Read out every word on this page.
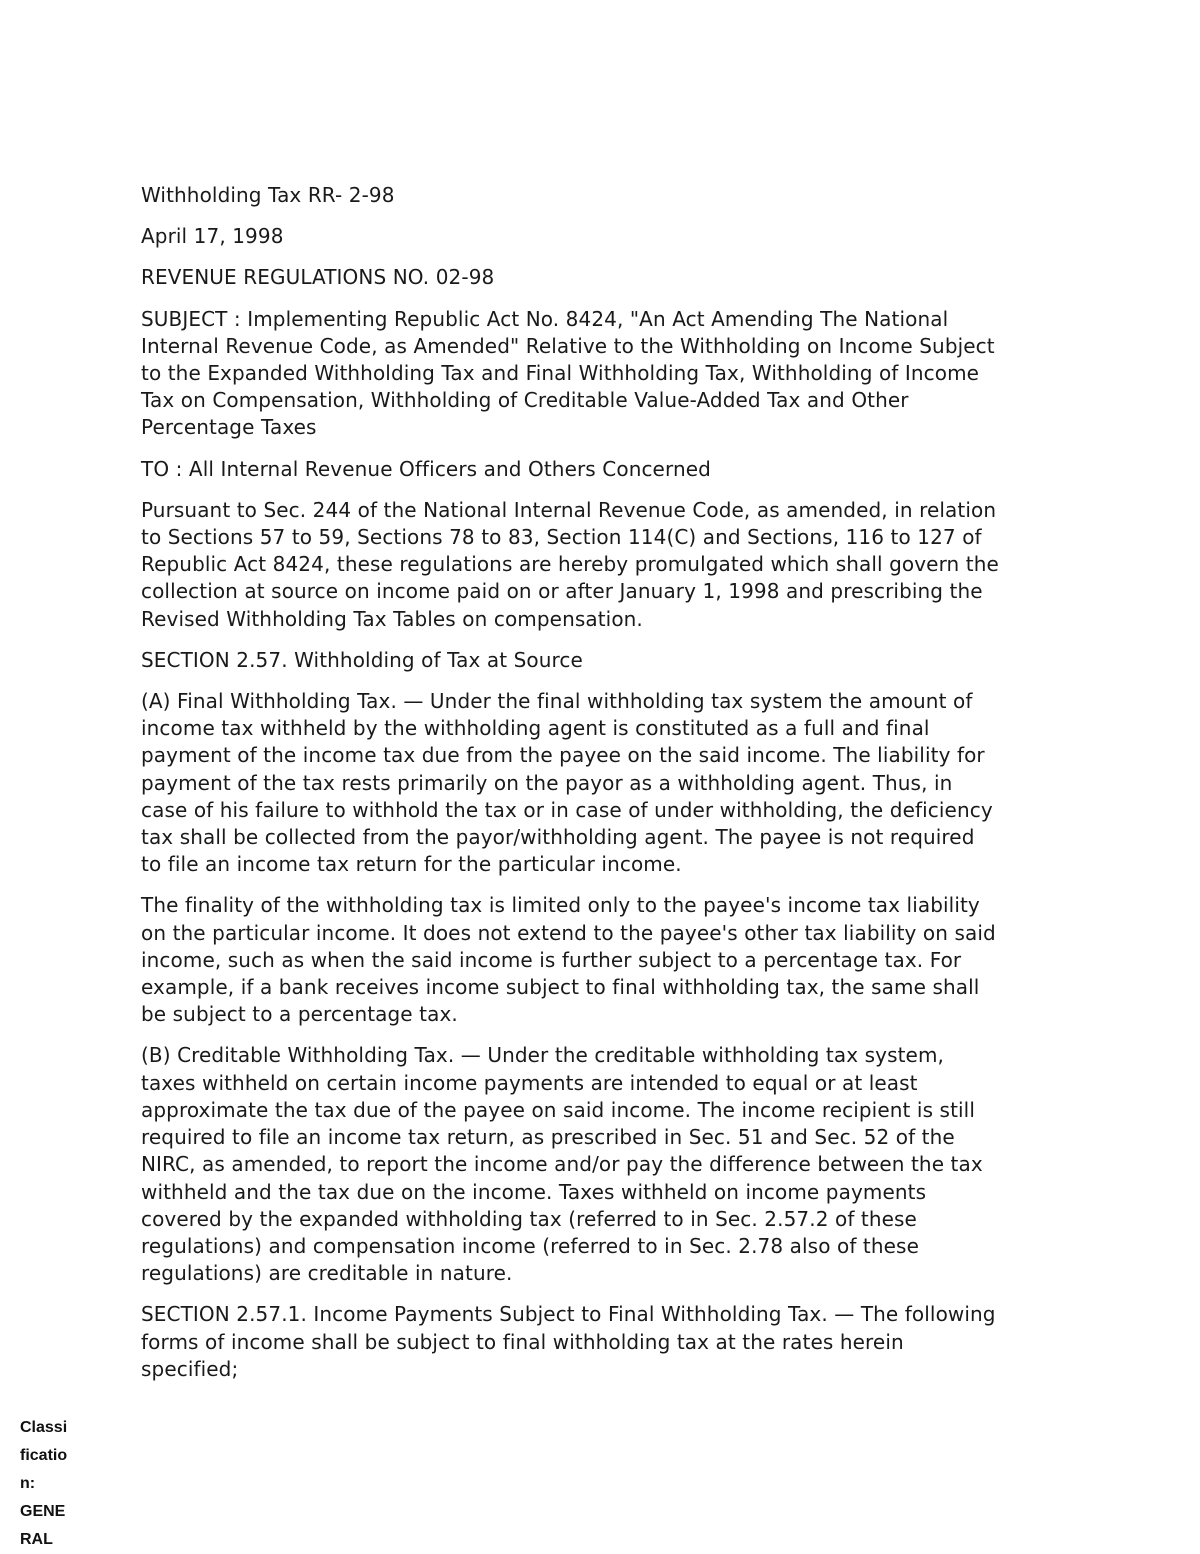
Withholding Tax RR- 2-98

April 17, 1998

REVENUE REGULATIONS NO. 02-98

SUBJECT : Implementing Republic Act No. 8424, "An Act Amending The National
Internal Revenue Code, as Amended" Relative to the Withholding on Income Subject
to the Expanded Withholding Tax and Final Withholding Tax, Withholding of Income
Tax on Compensation, Withholding of Creditable Value-Added Tax and Other
Percentage Taxes

TO : All Internal Revenue Officers and Others Concerned

Pursuant to Sec. 244 of the National Internal Revenue Code, as amended, in relation
to Sections 57 to 59, Sections 78 to 83, Section 114(C) and Sections, 116 to 127 of
Republic Act 8424, these regulations are hereby promulgated which shall govern the
collection at source on income paid on or after January 1, 1998 and prescribing the
Revised Withholding Tax Tables on compensation.

SECTION 2.57. Withholding of Tax at Source

(A) Final Withholding Tax. — Under the final withholding tax system the amount of
income tax withheld by the withholding agent is constituted as a full and final
payment of the income tax due from the payee on the said income. The liability for
payment of the tax rests primarily on the payor as a withholding agent. Thus, in
case of his failure to withhold the tax or in case of under withholding, the deficiency
tax shall be collected from the payor/withholding agent. The payee is not required
to file an income tax return for the particular income.

The finality of the withholding tax is limited only to the payee's income tax liability
on the particular income. It does not extend to the payee's other tax liability on said
income, such as when the said income is further subject to a percentage tax. For
example, if a bank receives income subject to final withholding tax, the same shall
be subject to a percentage tax.

(B) Creditable Withholding Tax. — Under the creditable withholding tax system,
taxes withheld on certain income payments are intended to equal or at least
approximate the tax due of the payee on said income. The income recipient is still
required to file an income tax return, as prescribed in Sec. 51 and Sec. 52 of the
NIRC, as amended, to report the income and/or pay the difference between the tax
withheld and the tax due on the income. Taxes withheld on income payments
covered by the expanded withholding tax (referred to in Sec. 2.57.2 of these
regulations) and compensation income (referred to in Sec. 2.78 also of these
regulations) are creditable in nature.

SECTION 2.57.1. Income Payments Subject to Final Withholding Tax. — The following
forms of income shall be subject to final withholding tax at the rates herein
specified;

Classi
ficatio
n:
GENE
RAL
